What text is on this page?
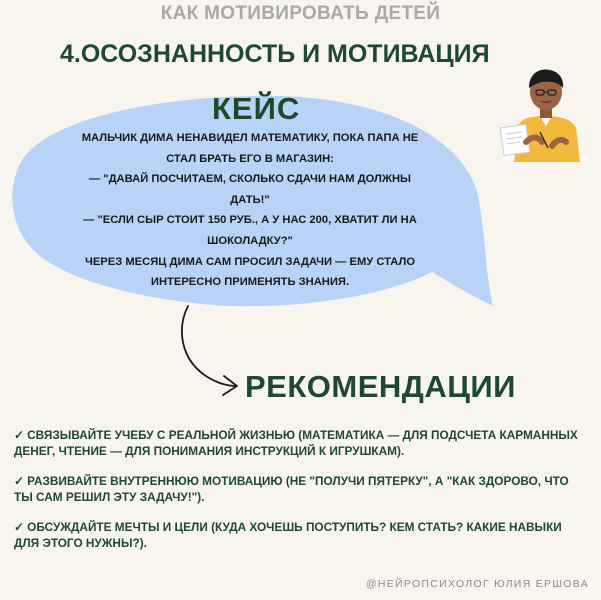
КАК МОТИВИРОВАТЬ ДЕТЕЙ
4.ОСОЗНАННОСТЬ И МОТИВАЦИЯ
КЕЙС
МАЛЬЧИК ДИМА НЕНАВИДЕЛ МАТЕМАТИКУ, ПОКА ПАПА НЕ
СТАЛ БРАТЬ ЕГО В МАГАЗИН:
— "ДАВАЙ ПОСЧИТАЕМ, СКОЛЬКО СДАЧИ НАМ ДОЛЖНЫ
ДАТЬ!"
— "ЕСЛИ СЫР СТОИТ 150 РУБ., А У НАС 200, ХВАТИТ ЛИ НА
ШОКОЛАДКУ?"
ЧЕРЕЗ МЕСЯЦ ДИМА САМ ПРОСИЛ ЗАДАЧИ — ЕМУ СТАЛО
ИНТЕРЕСНО ПРИМЕНЯТЬ ЗНАНИЯ.
РЕКОМЕНДАЦИИ
✓ СВЯЗЫВАЙТЕ УЧЕБУ С РЕАЛЬНОЙ ЖИЗНЬЮ (МАТЕМАТИКА — ДЛЯ ПОДСЧЕТА КАРМАННЫХ ДЕНЕГ, ЧТЕНИЕ — ДЛЯ ПОНИМАНИЯ ИНСТРУКЦИЙ К ИГРУШКАМ).
✓ РАЗВИВАЙТЕ ВНУТРЕННЮЮ МОТИВАЦИЮ (НЕ "ПОЛУЧИ ПЯТЕРКУ", А "КАК ЗДОРОВО, ЧТО ТЫ САМ РЕШИЛ ЭТУ ЗАДАЧУ!").
✓ ОБСУЖДАЙТЕ МЕЧТЫ И ЦЕЛИ (КУДА ХОЧЕШЬ ПОСТУПИТЬ? КЕМ СТАТЬ? КАКИЕ НАВЫКИ ДЛЯ ЭТОГО НУЖНЫ?).
@НЕЙРОПСИХОЛОГ ЮЛИЯ ЕРШОВА
